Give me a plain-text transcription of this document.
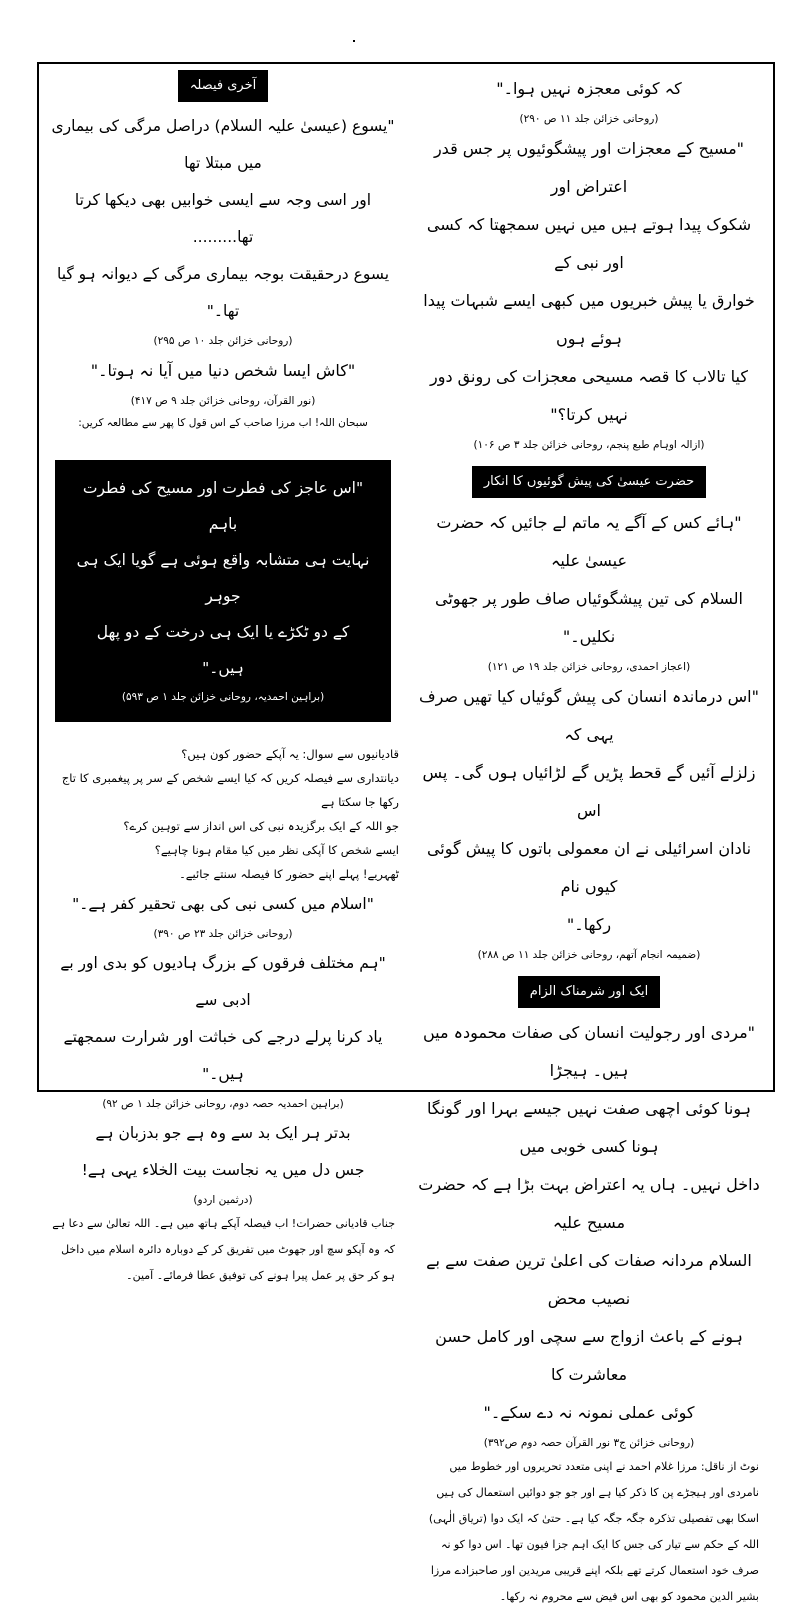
کہ کوئی معجزہ نہیں ہوا۔"

(روحانی خزائن جلد ۱۱ ص ۲۹۰)

"مسیح کے معجزات اور پیشگوئیوں پر جس قدر اعتراض اور

شکوک پیدا ہوتے ہیں میں نہیں سمجھتا کہ کسی اور نبی کے

خوارق یا پیش خبریوں میں کبھی ایسے شبہات پیدا ہوئے ہوں

کیا تالاب کا قصہ مسیحی معجزات کی رونق دور نہیں کرتا؟"

(ازالہ اوہام طبع پنجم، روحانی خزائن جلد ۳ ص ۱۰۶)

حضرت عیسیٰ کی پیش گوئیوں کا انکار

"ہائے کس کے آگے یہ ماتم لے جائیں کہ حضرت عیسیٰ علیہ

السلام کی تین پیشگوئیاں صاف طور پر جھوٹی نکلیں۔"

(اعجاز احمدی، روحانی خزائن جلد ۱۹ ص ۱۲۱)

"اس درماندہ انسان کی پیش گوئیاں کیا تھیں صرف یہی کہ

زلزلے آئیں گے قحط پڑیں گے لڑائیاں ہوں گی۔ پس اس

نادان اسرائیلی نے ان معمولی باتوں کا پیش گوئی کیوں نام

رکھا۔"

(ضمیمہ انجام آتھم، روحانی خزائن جلد ۱۱ ص ۲۸۸)

ایک اور شرمناک الزام

"مردی اور رجولیت انسان کی صفات محمودہ میں ہیں۔ ہیجڑا

ہونا کوئی اچھی صفت نہیں جیسے بہرا اور گونگا ہونا کسی خوبی میں

داخل نہیں۔ ہاں یہ اعتراض بہت بڑا ہے کہ حضرت مسیح علیہ

السلام مردانہ صفات کی اعلیٰ ترین صفت سے بے نصیب محض

ہونے کے باعث ازواج سے سچی اور کامل حسن معاشرت کا

کوئی عملی نمونہ نہ دے سکے۔"

(روحانی خزائن ج۳ نور القرآن حصہ دوم ص۳۹۲)

نوٹ از ناقل: مرزا غلام احمد نے اپنی متعدد تحریروں اور خطوط میں نامردی اور ہیجڑے پن کا ذکر کیا ہے اور جو جو دوائیں استعمال کی ہیں اسکا بھی تفصیلی تذکرہ جگہ جگہ کیا ہے۔ حتیٰ کہ ایک دوا (تریاق الٰہی) اللہ کے حکم سے تیار کی جس کا ایک اہم جزا فیون تھا۔ اس دوا کو نہ صرف خود استعمال کرتے تھے بلکہ اپنے قریبی مریدین اور صاحبزادے مرزا بشیر الدین محمود کو بھی اس فیض سے محروم نہ رکھا۔

آخری فیصلہ

"یسوع (عیسیٰ علیہ السلام) دراصل مرگی کی بیماری میں مبتلا تھا

اور اسی وجہ سے ایسی خوابیں بھی دیکھا کرتا تھا.........

یسوع درحقیقت بوجہ بیماری مرگی کے دیوانہ ہو گیا تھا۔"

(روحانی خزائن جلد ۱۰ ص ۲۹۵)

"کاش ایسا شخص دنیا میں آیا نہ ہوتا۔"

(نور القرآن، روحانی خزائن جلد ۹ ص ۴۱۷)

سبحان اللہ! اب مرزا صاحب کے اس قول کا پھر سے مطالعہ کریں:

"اس عاجز کی فطرت اور مسیح کی فطرت باہم

نہایت ہی متشابہ واقع ہوئی ہے گویا ایک ہی جوہر

کے دو ٹکڑے یا ایک ہی درخت کے دو پھل

ہیں۔"

(براہین احمدیہ، روحانی خزائن جلد ۱ ص ۵۹۳)

قادیانیوں سے سوال: یہ آپکے حضور کون ہیں؟

دیانتداری سے فیصلہ کریں کہ کیا ایسے شخص کے سر پر پیغمبری کا تاج رکھا جا سکتا ہے

جو اللہ کے ایک برگزیدہ نبی کی اس انداز سے توہین کرے؟

ایسے شخص کا آپکی نظر میں کیا مقام ہونا چاہیے؟

ٹھہریے! پہلے اپنے حضور کا فیصلہ سنتے جائیے۔

"اسلام میں کسی نبی کی بھی تحقیر کفر ہے۔"

(روحانی خزائن جلد ۲۳ ص ۳۹۰)

"ہم مختلف فرقوں کے بزرگ ہادیوں کو بدی اور بے ادبی سے

یاد کرنا پرلے درجے کی خباثت اور شرارت سمجھتے ہیں۔"

(براہین احمدیہ حصہ دوم، روحانی خزائن جلد ۱ ص ۹۲)

بدتر ہر ایک بد سے وہ ہے جو بدزبان ہے

جس دل میں یہ نجاست بیت الخلاء یہی ہے!

(درثمین اردو)

جناب قادیانی حضرات! اب فیصلہ آپکے ہاتھ میں ہے۔ اللہ تعالیٰ سے دعا ہے کہ وہ آپکو سچ اور جھوٹ میں تفریق کر کے دوبارہ دائرہ اسلام میں داخل ہو کر حق پر عمل پیرا ہونے کی توفیق عطا فرمائے۔ آمین۔
